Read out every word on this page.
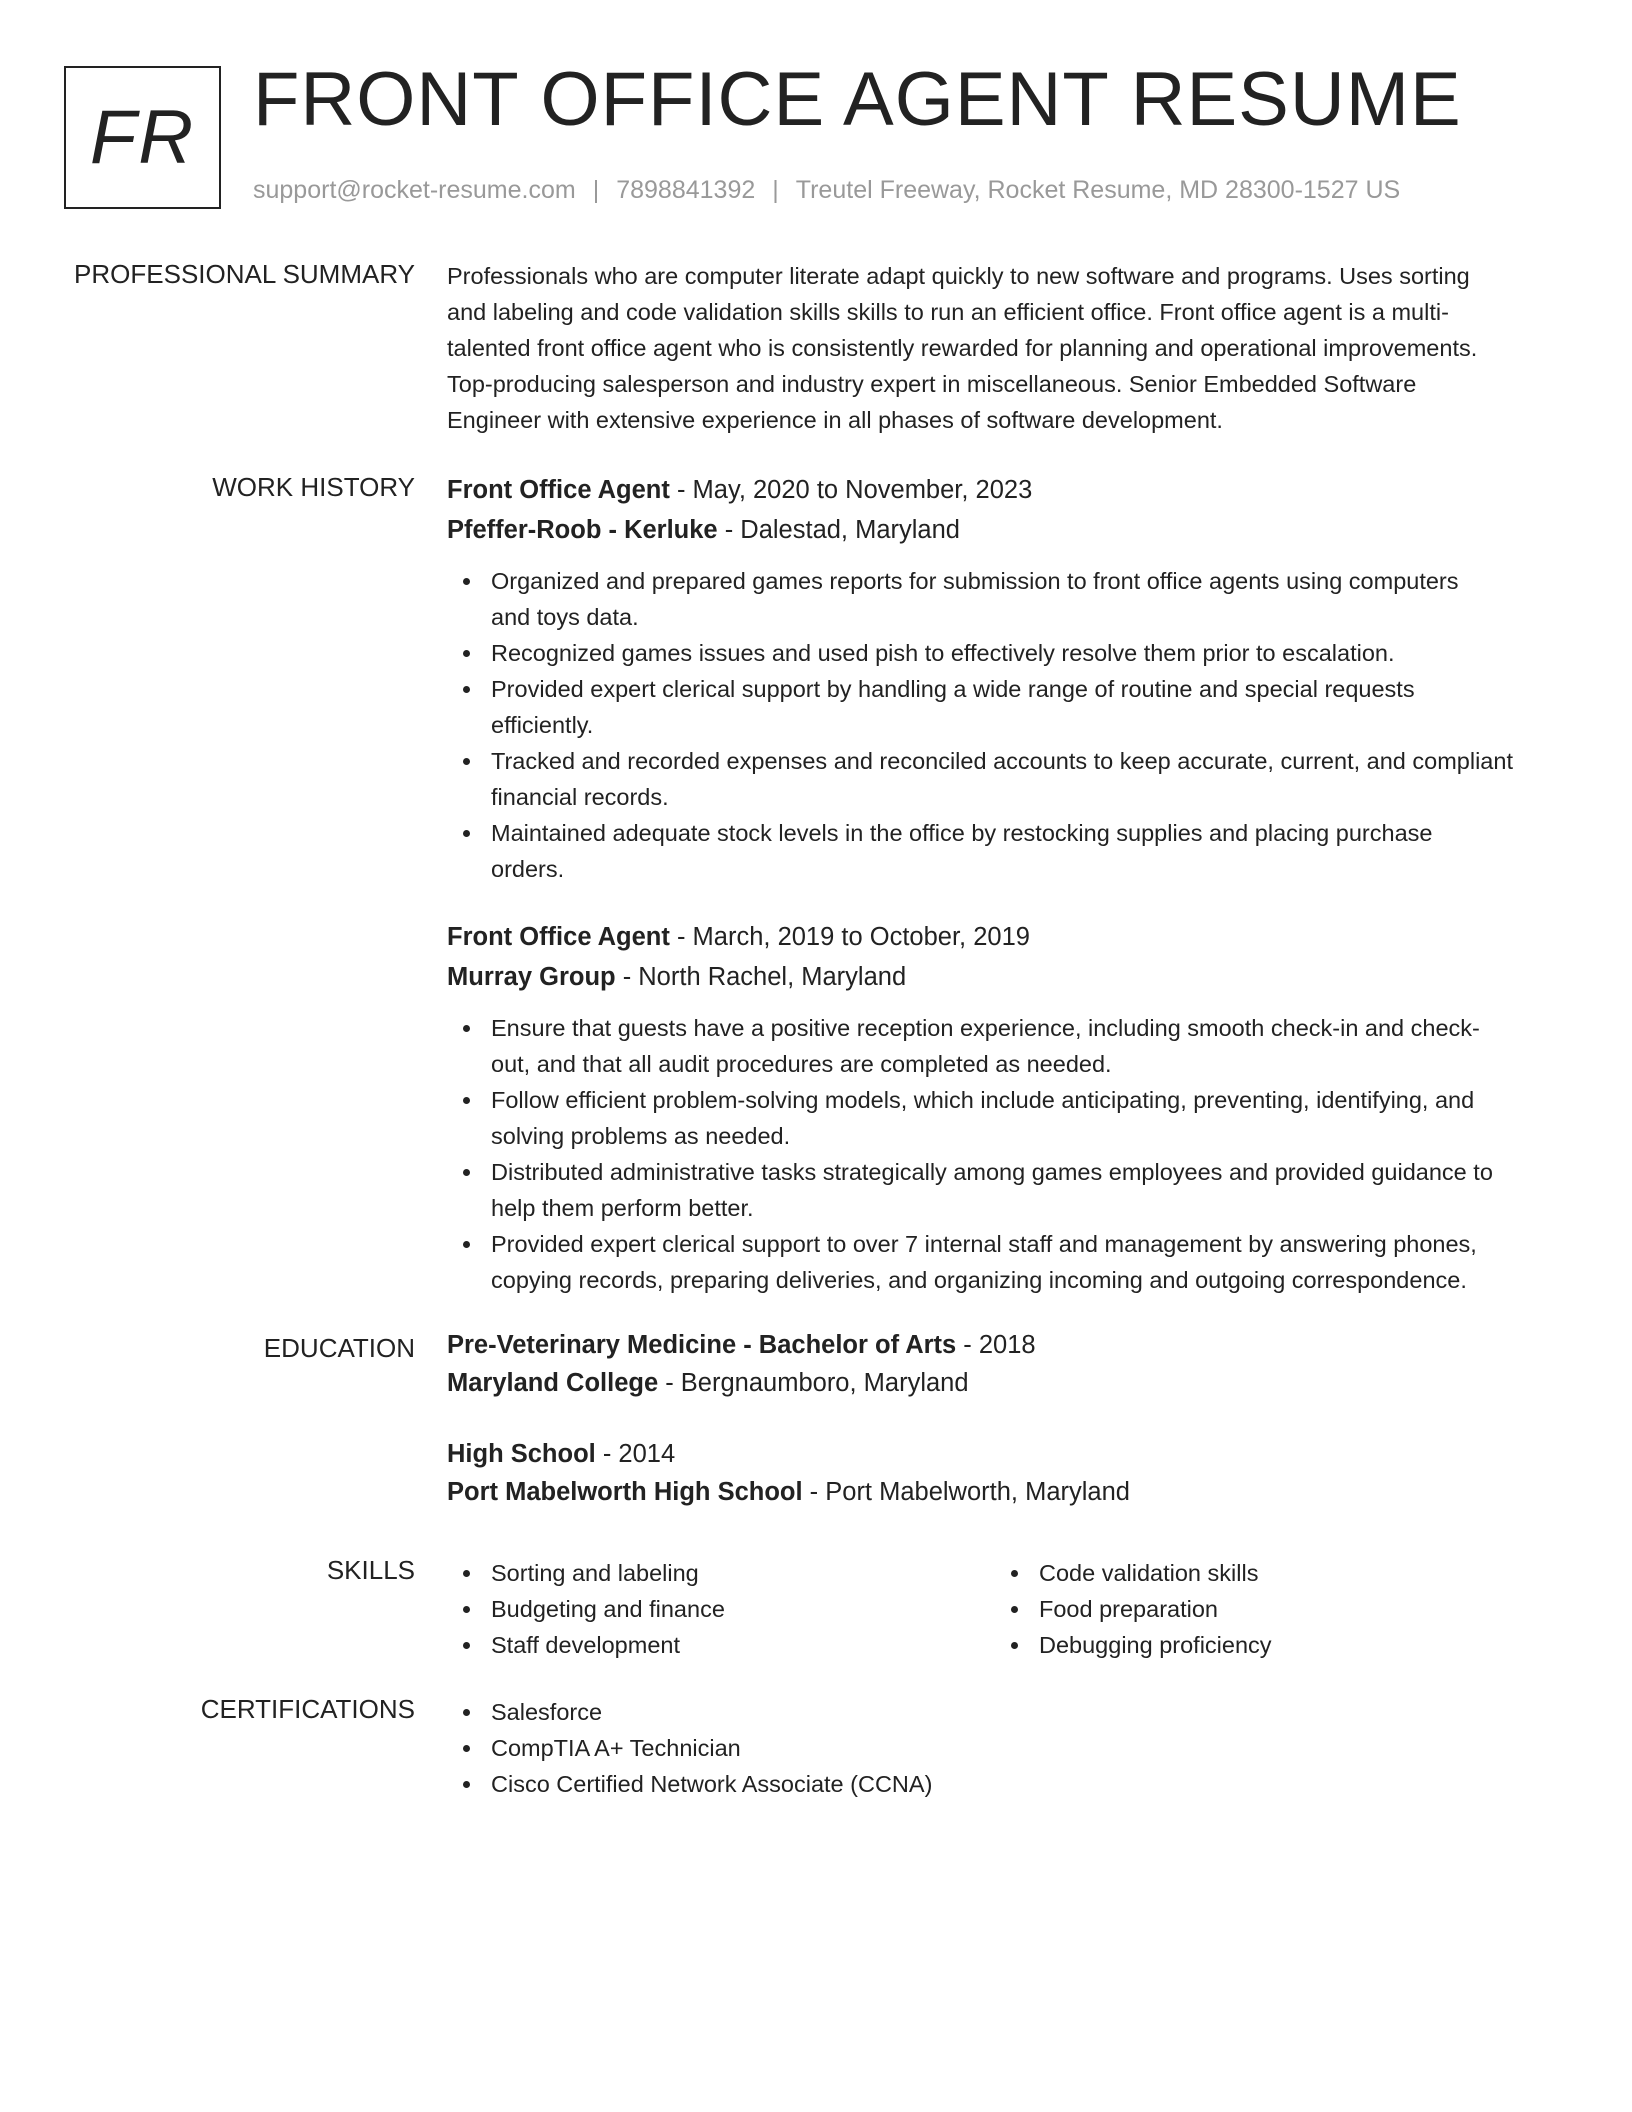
FR FRONT OFFICE AGENT RESUME
support@rocket-resume.com | 7898841392 | Treutel Freeway, Rocket Resume, MD 28300-1527 US
PROFESSIONAL SUMMARY Professionals who are computer literate adapt quickly to new software and programs. Uses sorting
and labeling and code validation skills skills to run an efficient office. Front office agent is a multi-
talented front office agent who is consistently rewarded for planning and operational improvements.
Top-producing salesperson and industry expert in miscellaneous. Senior Embedded Software
Engineer with extensive experience in all phases of software development.
WORK HISTORY Front Office Agent - May, 2020 to November, 2023
Pfeffer-Roob - Kerluke - Dalestad, Maryland
Organized and prepared games reports for submission to front office agents using computers
and toys data.
Recognized games issues and used pish to effectively resolve them prior to escalation.
Provided expert clerical support by handling a wide range of routine and special requests
efficiently.
Tracked and recorded expenses and reconciled accounts to keep accurate, current, and compliant
financial records.
Maintained adequate stock levels in the office by restocking supplies and placing purchase
orders.
Front Office Agent - March, 2019 to October, 2019
Murray Group - North Rachel, Maryland
Ensure that guests have a positive reception experience, including smooth check-in and check-
out, and that all audit procedures are completed as needed.
Follow efficient problem-solving models, which include anticipating, preventing, identifying, and
solving problems as needed.
Distributed administrative tasks strategically among games employees and provided guidance to
help them perform better.
Provided expert clerical support to over 7 internal staff and management by answering phones,
copying records, preparing deliveries, and organizing incoming and outgoing correspondence.
EDUCATION Pre-Veterinary Medicine - Bachelor of Arts - 2018
Maryland College - Bergnaumboro, Maryland
High School - 2014
Port Mabelworth High School - Port Mabelworth, Maryland
SKILLS	Sorting and labeling
Budgeting and finance
Staff development
Code validation skills
Food preparation
Debugging proficiency
CERTIFICATIONS	Salesforce
CompTIA A+ Technician
Cisco Certified Network Associate (CCNA)
